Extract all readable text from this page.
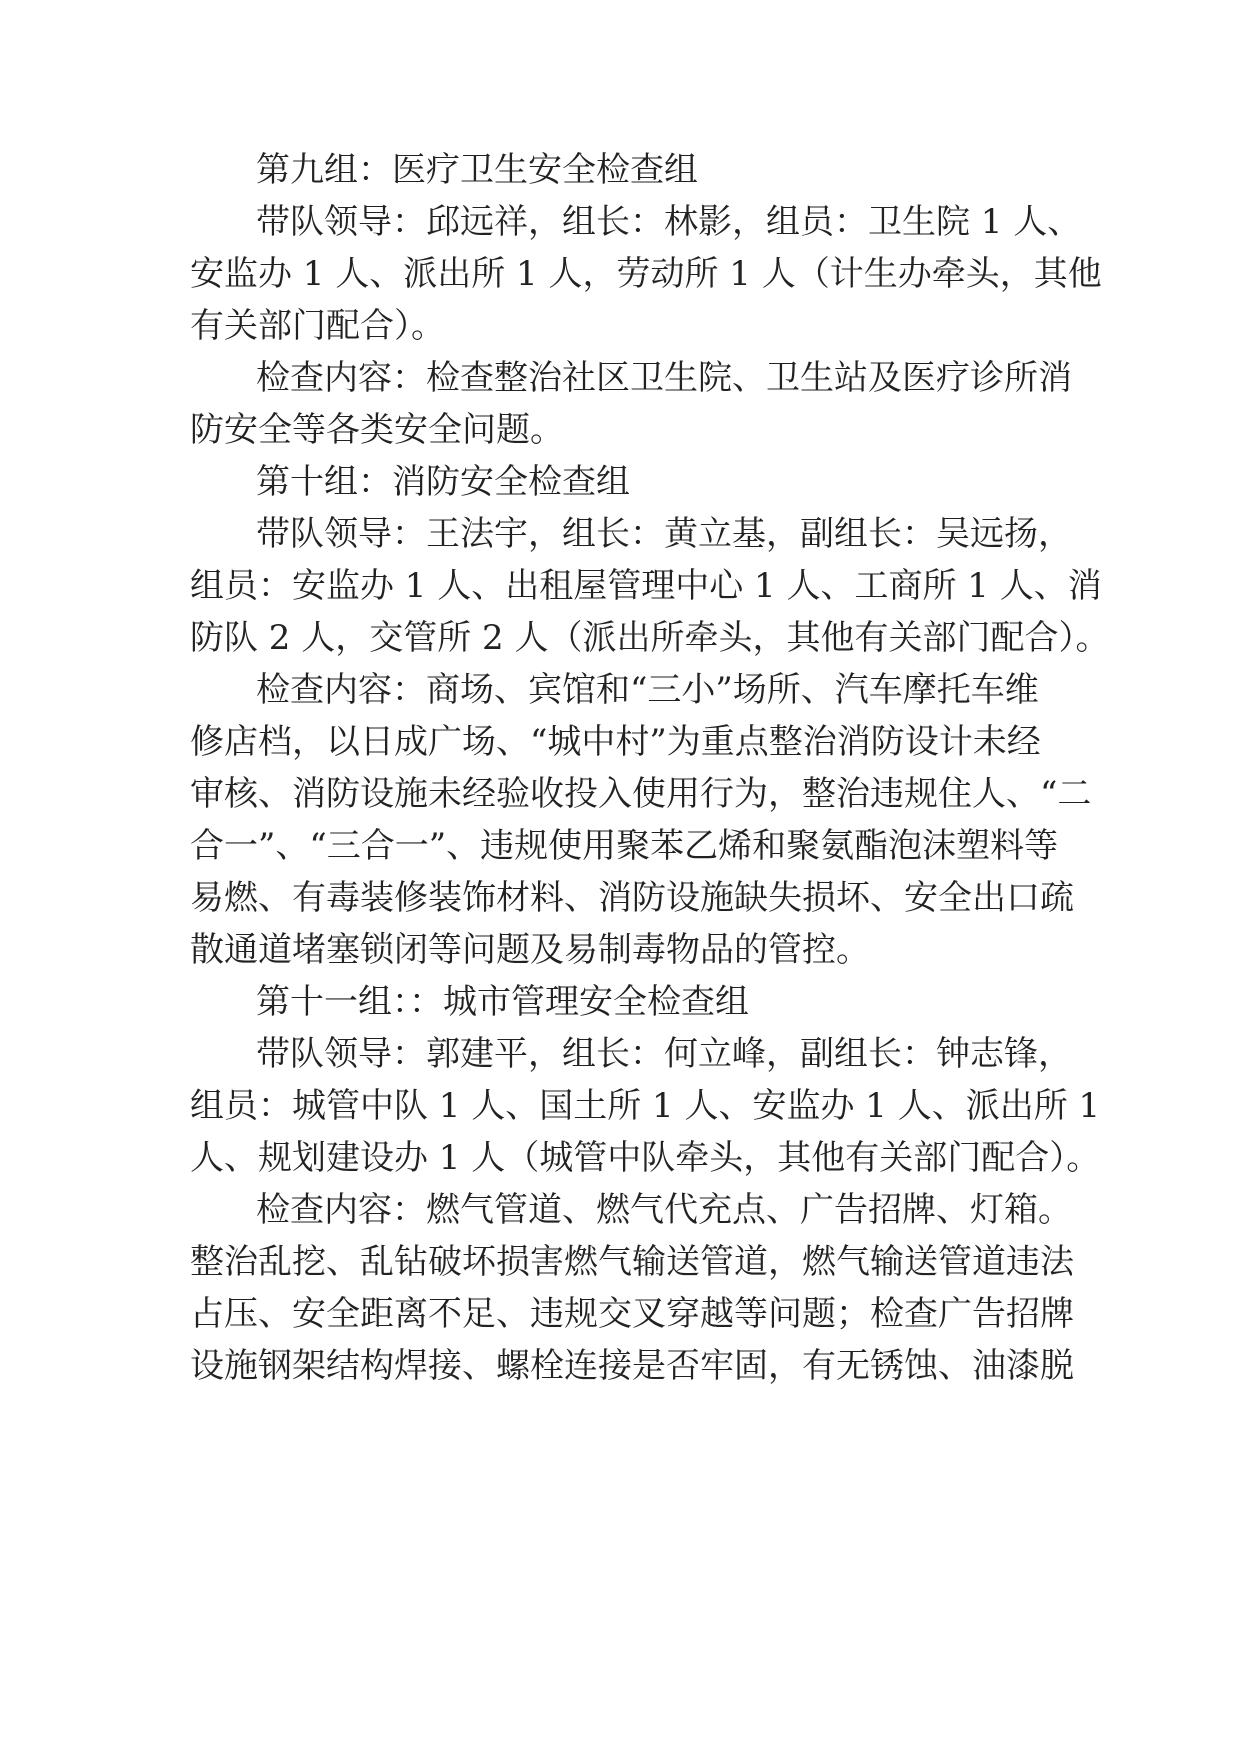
第九组：医疗卫生安全检查组

带队领导：邱远祥，组长：林影，组员：卫生院 1 人、

安监办 1 人、派出所 1 人，劳动所 1 人（计生办牵头，其他

有关部门配合）。

检查内容：检查整治社区卫生院、卫生站及医疗诊所消

防安全等各类安全问题。

第十组：消防安全检查组

带队领导：王法宇，组长：黄立基，副组长：吴远扬，

组员：安监办 1 人、出租屋管理中心 1 人、工商所 1 人、消

防队 2 人，交管所 2 人（派出所牵头，其他有关部门配合）。

检查内容：商场、宾馆和“三小”场所、汽车摩托车维

修店档，以日成广场、“城中村”为重点整治消防设计未经

审核、消防设施未经验收投入使用行为，整治违规住人、“二

合一”、“三合一”、违规使用聚苯乙烯和聚氨酯泡沫塑料等

易燃、有毒装修装饰材料、消防设施缺失损坏、安全出口疏

散通道堵塞锁闭等问题及易制毒物品的管控。

第十一组：：城市管理安全检查组

带队领导：郭建平，组长：何立峰，副组长：钟志锋，

组员：城管中队 1 人、国土所 1 人、安监办 1 人、派出所 1

人、规划建设办 1 人（城管中队牵头，其他有关部门配合）。

检查内容：燃气管道、燃气代充点、广告招牌、灯箱。

整治乱挖、乱钻破坏损害燃气输送管道，燃气输送管道违法

占压、安全距离不足、违规交叉穿越等问题；检查广告招牌

设施钢架结构焊接、螺栓连接是否牢固，有无锈蚀、油漆脱
